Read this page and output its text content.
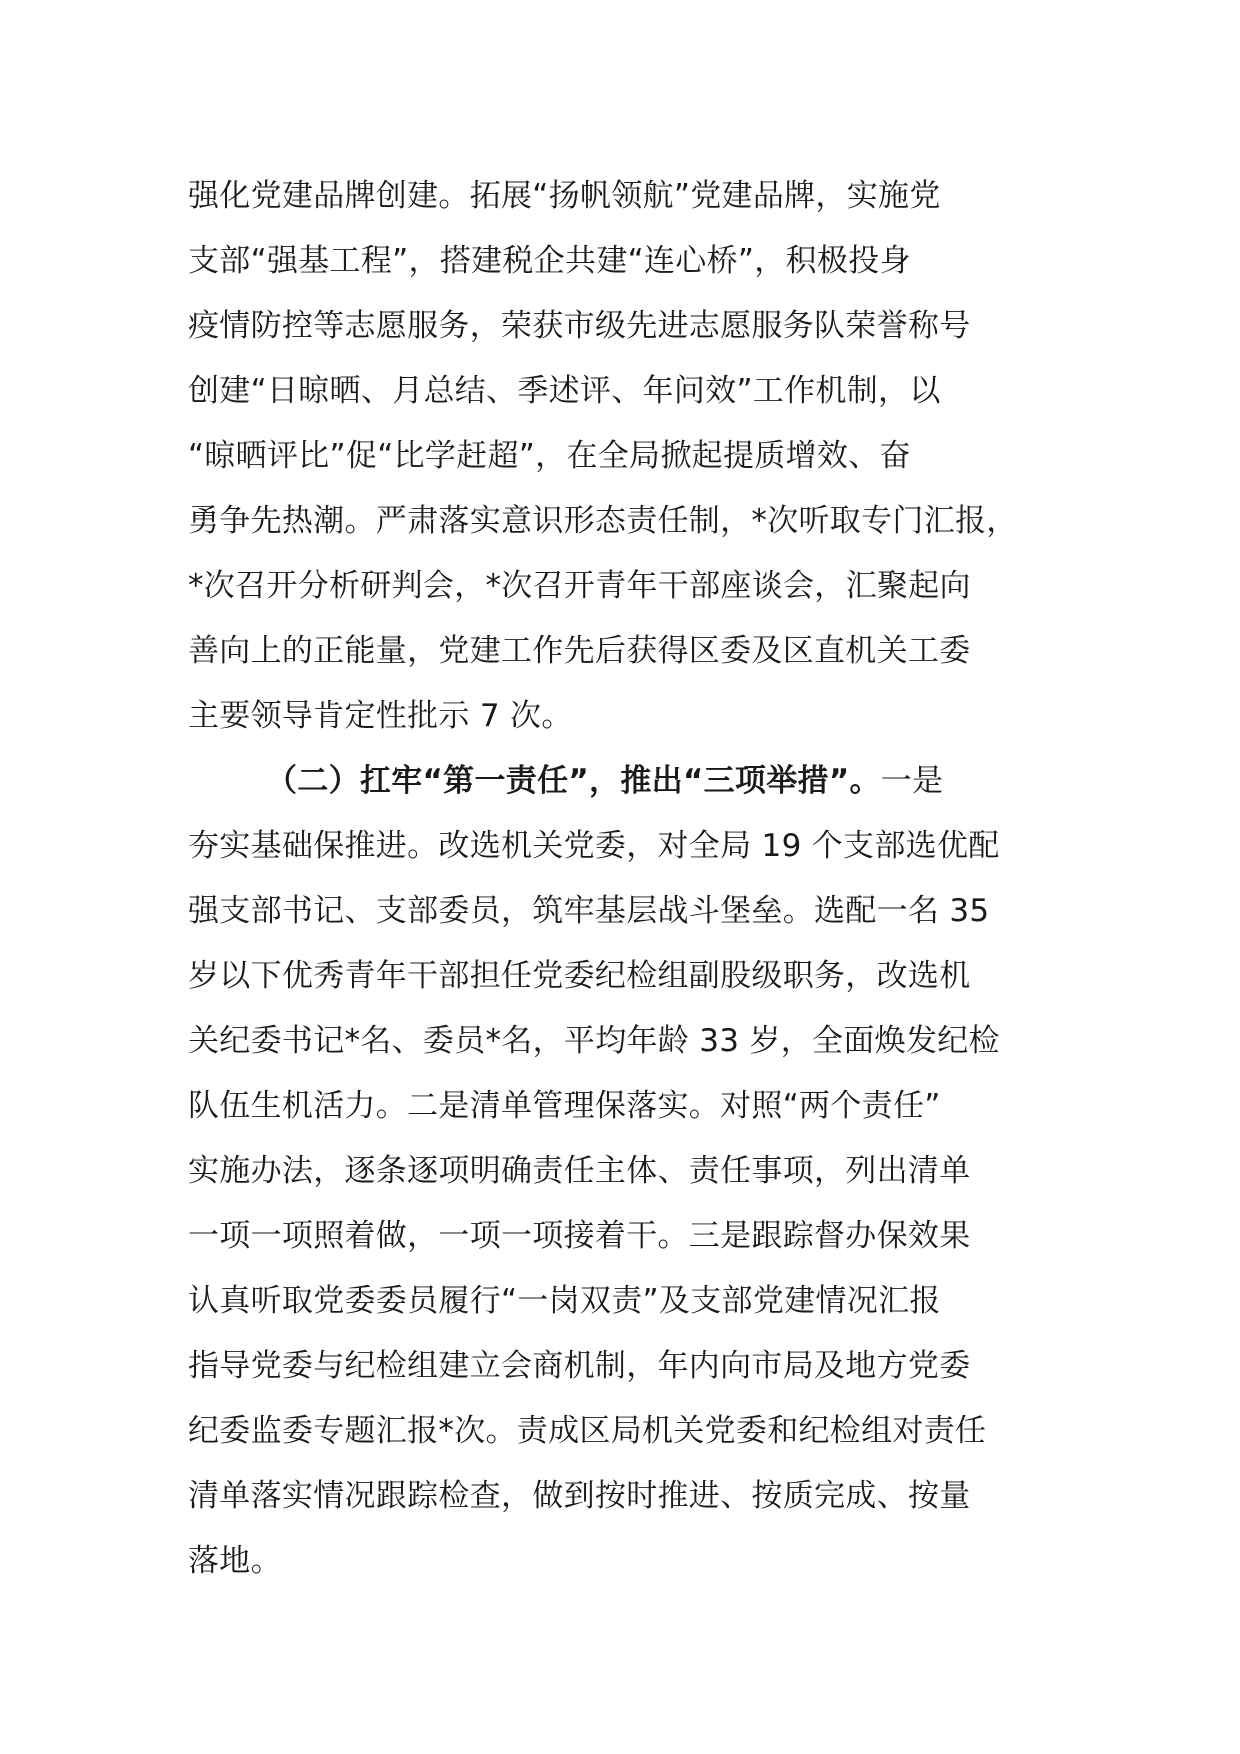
强化党建品牌创建。拓展“扬帆领航”党建品牌，实施党
支部“强基工程”，搭建税企共建“连心桥”，积极投身
疫情防控等志愿服务，荣获市级先进志愿服务队荣誉称号
创建“日晾晒、月总结、季述评、年问效”工作机制，以
“晾晒评比”促“比学赶超”，在全局掀起提质增效、奋
勇争先热潮。严肃落实意识形态责任制，*次听取专门汇报，
*次召开分析研判会，*次召开青年干部座谈会，汇聚起向
善向上的正能量，党建工作先后获得区委及区直机关工委
主要领导肯定性批示 7 次。
（二）扛牢“第一责任”，推出“三项举措”。一是
夯实基础保推进。改选机关党委，对全局 19 个支部选优配
强支部书记、支部委员，筑牢基层战斗堡垒。选配一名 35
岁以下优秀青年干部担任党委纪检组副股级职务，改选机
关纪委书记*名、委员*名，平均年龄 33 岁，全面焕发纪检
队伍生机活力。二是清单管理保落实。对照“两个责任”
实施办法，逐条逐项明确责任主体、责任事项，列出清单
一项一项照着做，一项一项接着干。三是跟踪督办保效果
认真听取党委委员履行“一岗双责”及支部党建情况汇报
指导党委与纪检组建立会商机制，年内向市局及地方党委
纪委监委专题汇报*次。责成区局机关党委和纪检组对责任
清单落实情况跟踪检查，做到按时推进、按质完成、按量
落地。
